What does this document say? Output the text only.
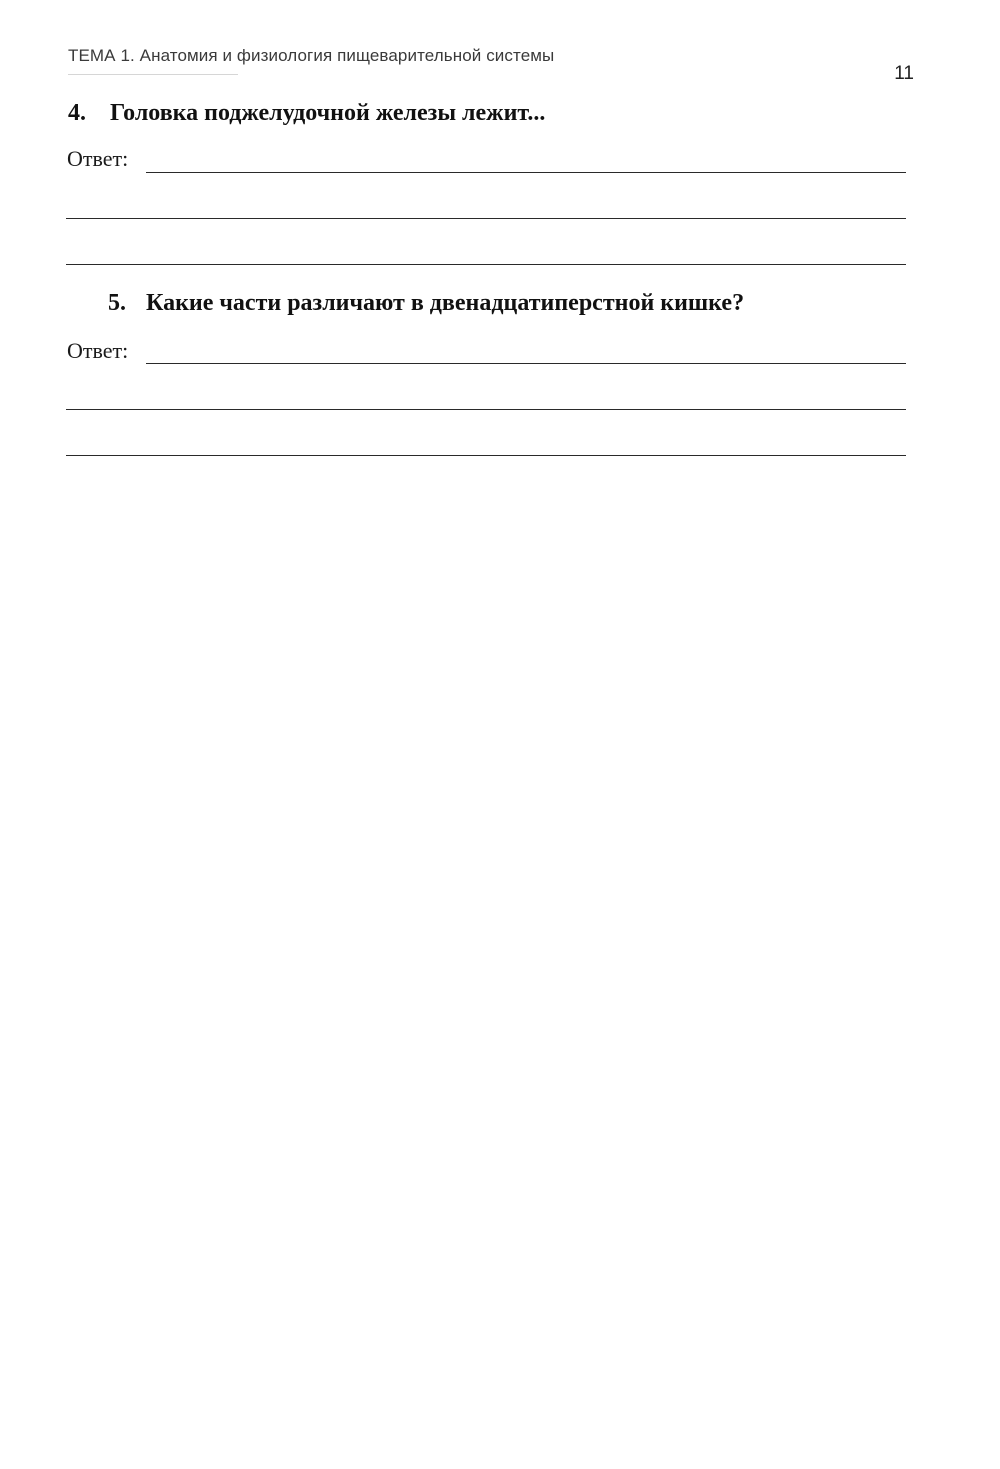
ТЕМА 1. Анатомия и физиология пищеварительной системы
11
4. Головка поджелудочной железы лежит...
Ответ:
5. Какие части различают в двенадцатиперстной кишке?
Ответ:
